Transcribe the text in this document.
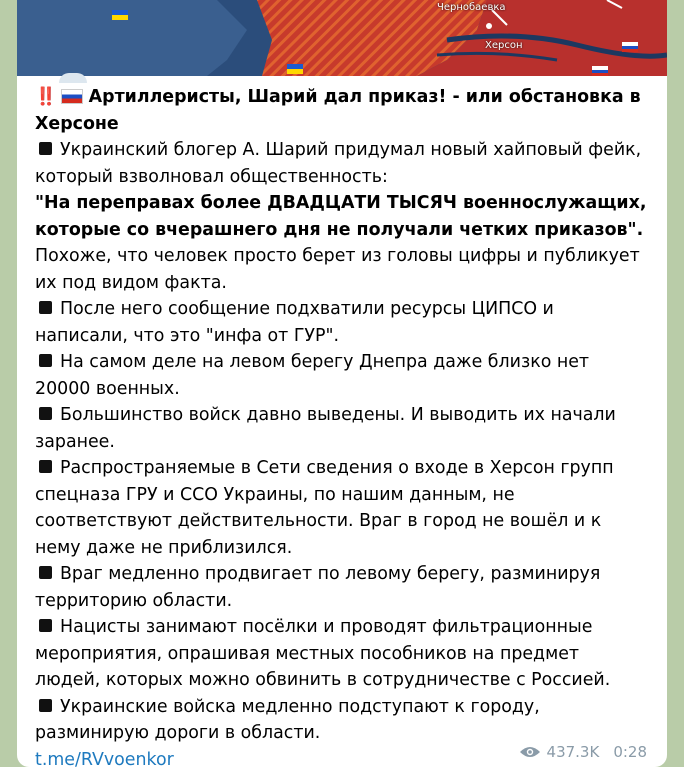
Чернобаевка
Херсон
‼️ Артиллеристы, Шарий дал приказ! - или обстановка в Херсоне
Украинский блогер А. Шарий придумал новый хайповый фейк, который взволновал общественность:
"На переправах более ДВАДЦАТИ ТЫСЯЧ военнослужащих, которые со вчерашнего дня не получали четких приказов".
Похоже, что человек просто берет из головы цифры и публикует их под видом факта.
После него сообщение подхватили ресурсы ЦИПСО и написали, что это "инфа от ГУР".
На самом деле на левом берегу Днепра даже близко нет 20000 военных.
Большинство войск давно выведены. И выводить их начали заранее.
Распространяемые в Сети сведения о входе в Херсон групп спецназа ГРУ и ССО Украины, по нашим данным, не соответствуют действительности. Враг в город не вошёл и к нему даже не приблизился.
Враг медленно продвигает по левому берегу, разминируя территорию области.
Нацисты занимают посёлки и проводят фильтрационные мероприятия, опрашивая местных пособников на предмет людей, которых можно обвинить в сотрудничестве с Россией.
Украинские войска медленно подступают к городу, разминирую дороги в области.
t.me/RVvoenkor	437.3K 0:28
